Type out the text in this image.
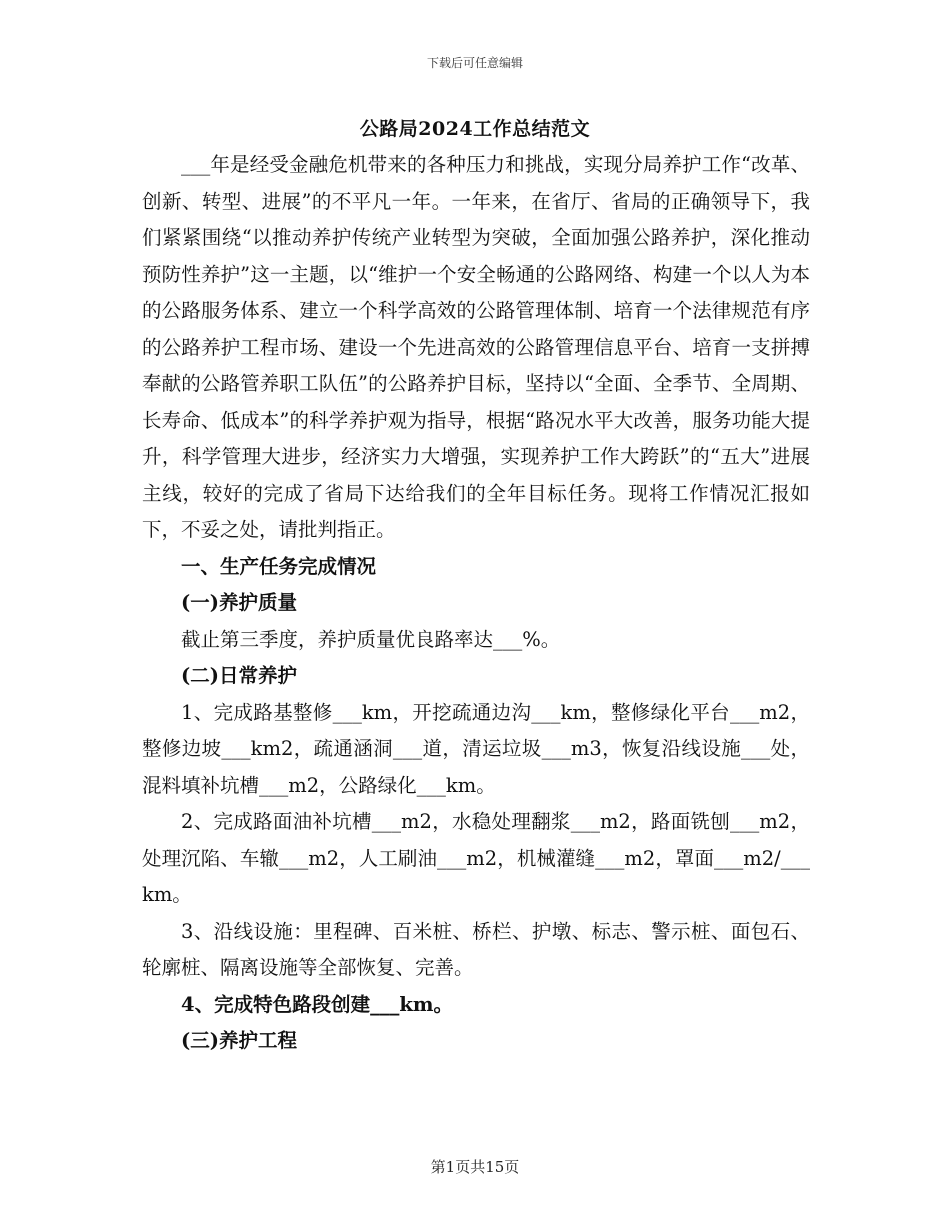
下载后可任意编辑
公路局2024工作总结范文

___年是经受金融危机带来的各种压力和挑战，实现分局养护工作“改革、创新、转型、进展”的不平凡一年。一年来，在省厅、省局的正确领导下，我们紧紧围绕“以推动养护传统产业转型为突破，全面加强公路养护，深化推动预防性养护”这一主题，以“维护一个安全畅通的公路网络、构建一个以人为本的公路服务体系、建立一个科学高效的公路管理体制、培育一个法律规范有序的公路养护工程市场、建设一个先进高效的公路管理信息平台、培育一支拼搏奉献的公路管养职工队伍”的公路养护目标，坚持以“全面、全季节、全周期、长寿命、低成本”的科学养护观为指导，根据“路况水平大改善，服务功能大提升，科学管理大进步，经济实力大增强，实现养护工作大跨跃”的“五大”进展主线，较好的完成了省局下达给我们的全年目标任务。现将工作情况汇报如下，不妥之处，请批判指正。

一、生产任务完成情况

(一)养护质量

截止第三季度，养护质量优良路率达___%。

(二)日常养护

1、完成路基整修___km，开挖疏通边沟___km，整修绿化平台___m2，整修边坡___km2，疏通涵洞___道，清运垃圾___m3，恢复沿线设施___处，混料填补坑槽___m2，公路绿化___km。

2、完成路面油补坑槽___m2，水稳处理翻浆___m2，路面铣刨___m2，处理沉陷、车辙___m2，人工刷油___m2，机械灌缝___m2，罩面___m2/___km。

3、沿线设施：里程碑、百米桩、桥栏、护墩、标志、警示桩、面包石、轮廓桩、隔离设施等全部恢复、完善。

4、完成特色路段创建___km。

(三)养护工程

第1页共15页
